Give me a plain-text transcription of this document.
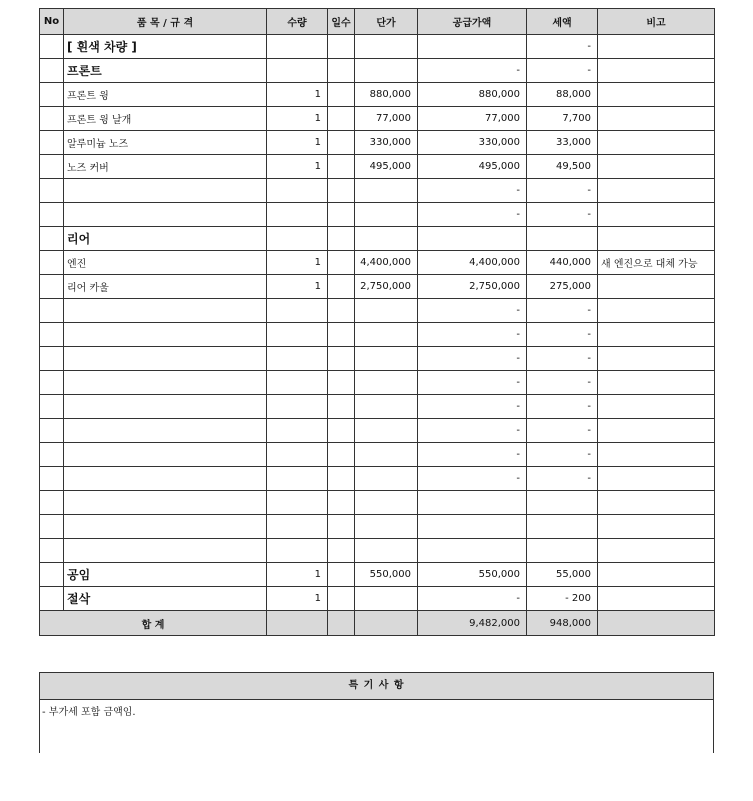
No	품 목 / 규 격	수량	일수	단가	공급가액	세액	비고
	[ 흰색 차량 ]					-	
	프론트				-	-	
	프론트 윙	1		880,000	880,000	88,000	
	프론트 윙 날개	1		77,000	77,000	7,700	
	알루미늄 노즈	1		330,000	330,000	33,000	
	노즈 커버	1		495,000	495,000	49,500	
					-	-	
					-	-	
	리어						
	엔진	1		4,400,000	4,400,000	440,000	새 엔진으로 대체 가능
	리어 카울	1		2,750,000	2,750,000	275,000	
					-	-	
					-	-	
					-	-	
					-	-	
					-	-	
					-	-	
					-	-	
					-	-	

	공임	1		550,000	550,000	55,000	
	절삭	1			-	- 200	
합 계					9,482,000	948,000	
특 기 사 항
- 부가세 포함 금액임.
